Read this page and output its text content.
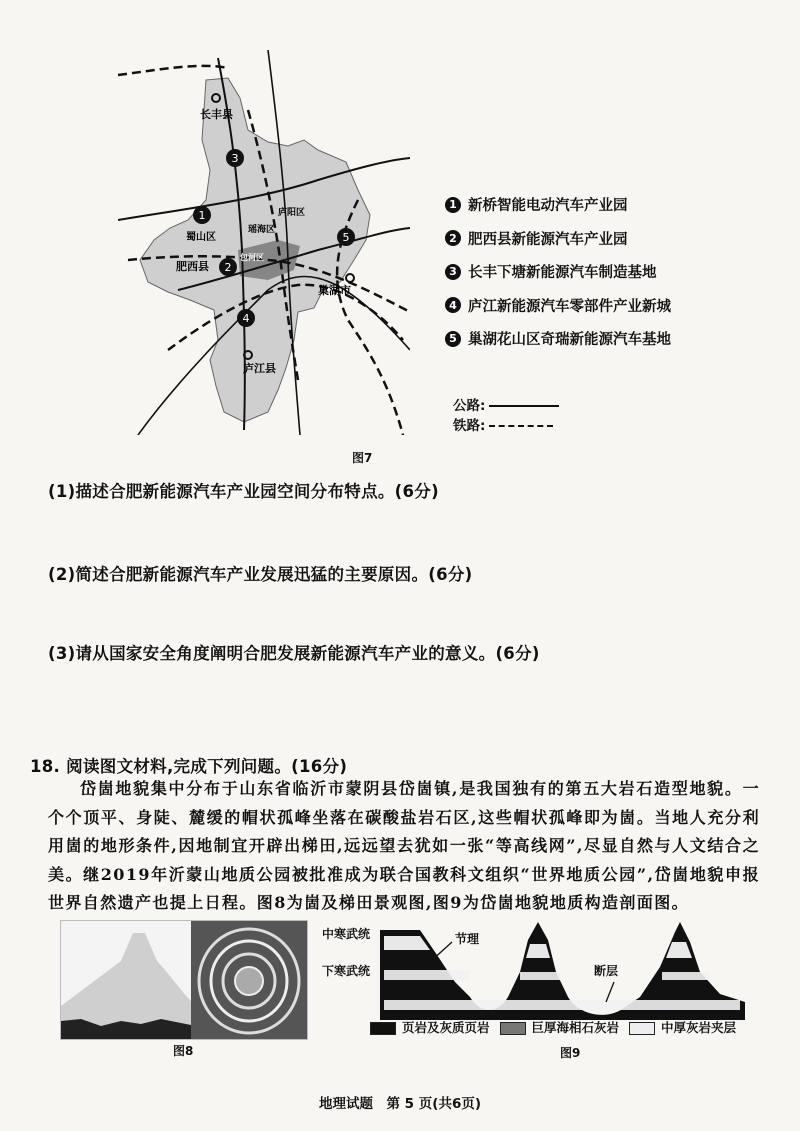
3
1
2
4
5
长丰县
蜀山区
肥西县
巢湖市
庐江县
瑶海区
包河区
庐阳区
1 新桥智能电动汽车产业园
2 肥西县新能源汽车产业园
3 长丰下塘新能源汽车制造基地
4 庐江新能源汽车零部件产业新城
5 巢湖花山区奇瑞新能源汽车基地
公路:
铁路:
图7
(1)描述合肥新能源汽车产业园空间分布特点。(6分)
(2)简述合肥新能源汽车产业发展迅猛的主要原因。(6分)
(3)请从国家安全角度阐明合肥发展新能源汽车产业的意义。(6分)
18. 阅读图文材料,完成下列问题。(16分)

岱崮地貌集中分布于山东省临沂市蒙阴县岱崮镇,是我国独有的第五大岩石造型地貌。一个个顶平、身陡、麓缓的帽状孤峰坐落在碳酸盐岩石区,这些帽状孤峰即为崮。当地人充分利用崮的地形条件,因地制宜开辟出梯田,远远望去犹如一张“等高线网”,尽显自然与人文结合之美。继2019年沂蒙山地质公园被批准成为联合国教科文组织“世界地质公园”,岱崮地貌申报世界自然遗产也提上日程。图8为崮及梯田景观图,图9为岱崮地貌地质构造剖面图。

图8
中寒武统
下寒武统
节理
断层
页岩及灰质页岩	巨厚海相石灰岩	中厚灰岩夹层
图9
地理试题　第 5 页(共6页)
